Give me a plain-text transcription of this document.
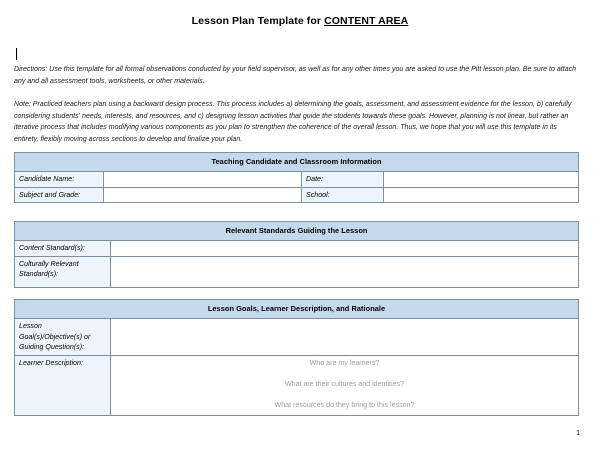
Lesson Plan Template for CONTENT AREA
Directions: Use this template for all formal observations conducted by your field supervisor, as well as for any other times you are asked to use the Pitt lesson plan. Be sure to attach any and all assessment tools, worksheets, or other materials.
Note: Practiced teachers plan using a backward design process. This process includes a) determining the goals, assessment, and assessment evidence for the lesson, b) carefully considering students' needs, interests, and resources, and c) designing lesson activities that guide the students towards these goals. However, planning is not linear, but rather an iterative process that includes modifying various components as you plan to strengthen the coherence of the overall lesson. Thus, we hope that you will use this template in its entirety, flexibly moving across sections to develop and finalize your plan.
Teaching Candidate and Classroom Information			
Candidate Name:		Date:	
Subject and Grade:		School:	
Relevant Standards Guiding the Lesson	
Content Standard(s):	
Culturally Relevant Standard(s):	
Lesson Goals, Learner Description, and Rationale	
Lesson Goal(s)/Objective(s) or Guiding Question(s):	
Learner Description:	Who are my learners?
What are their cultures and identities?
What resources do they bring to this lesson?
1
